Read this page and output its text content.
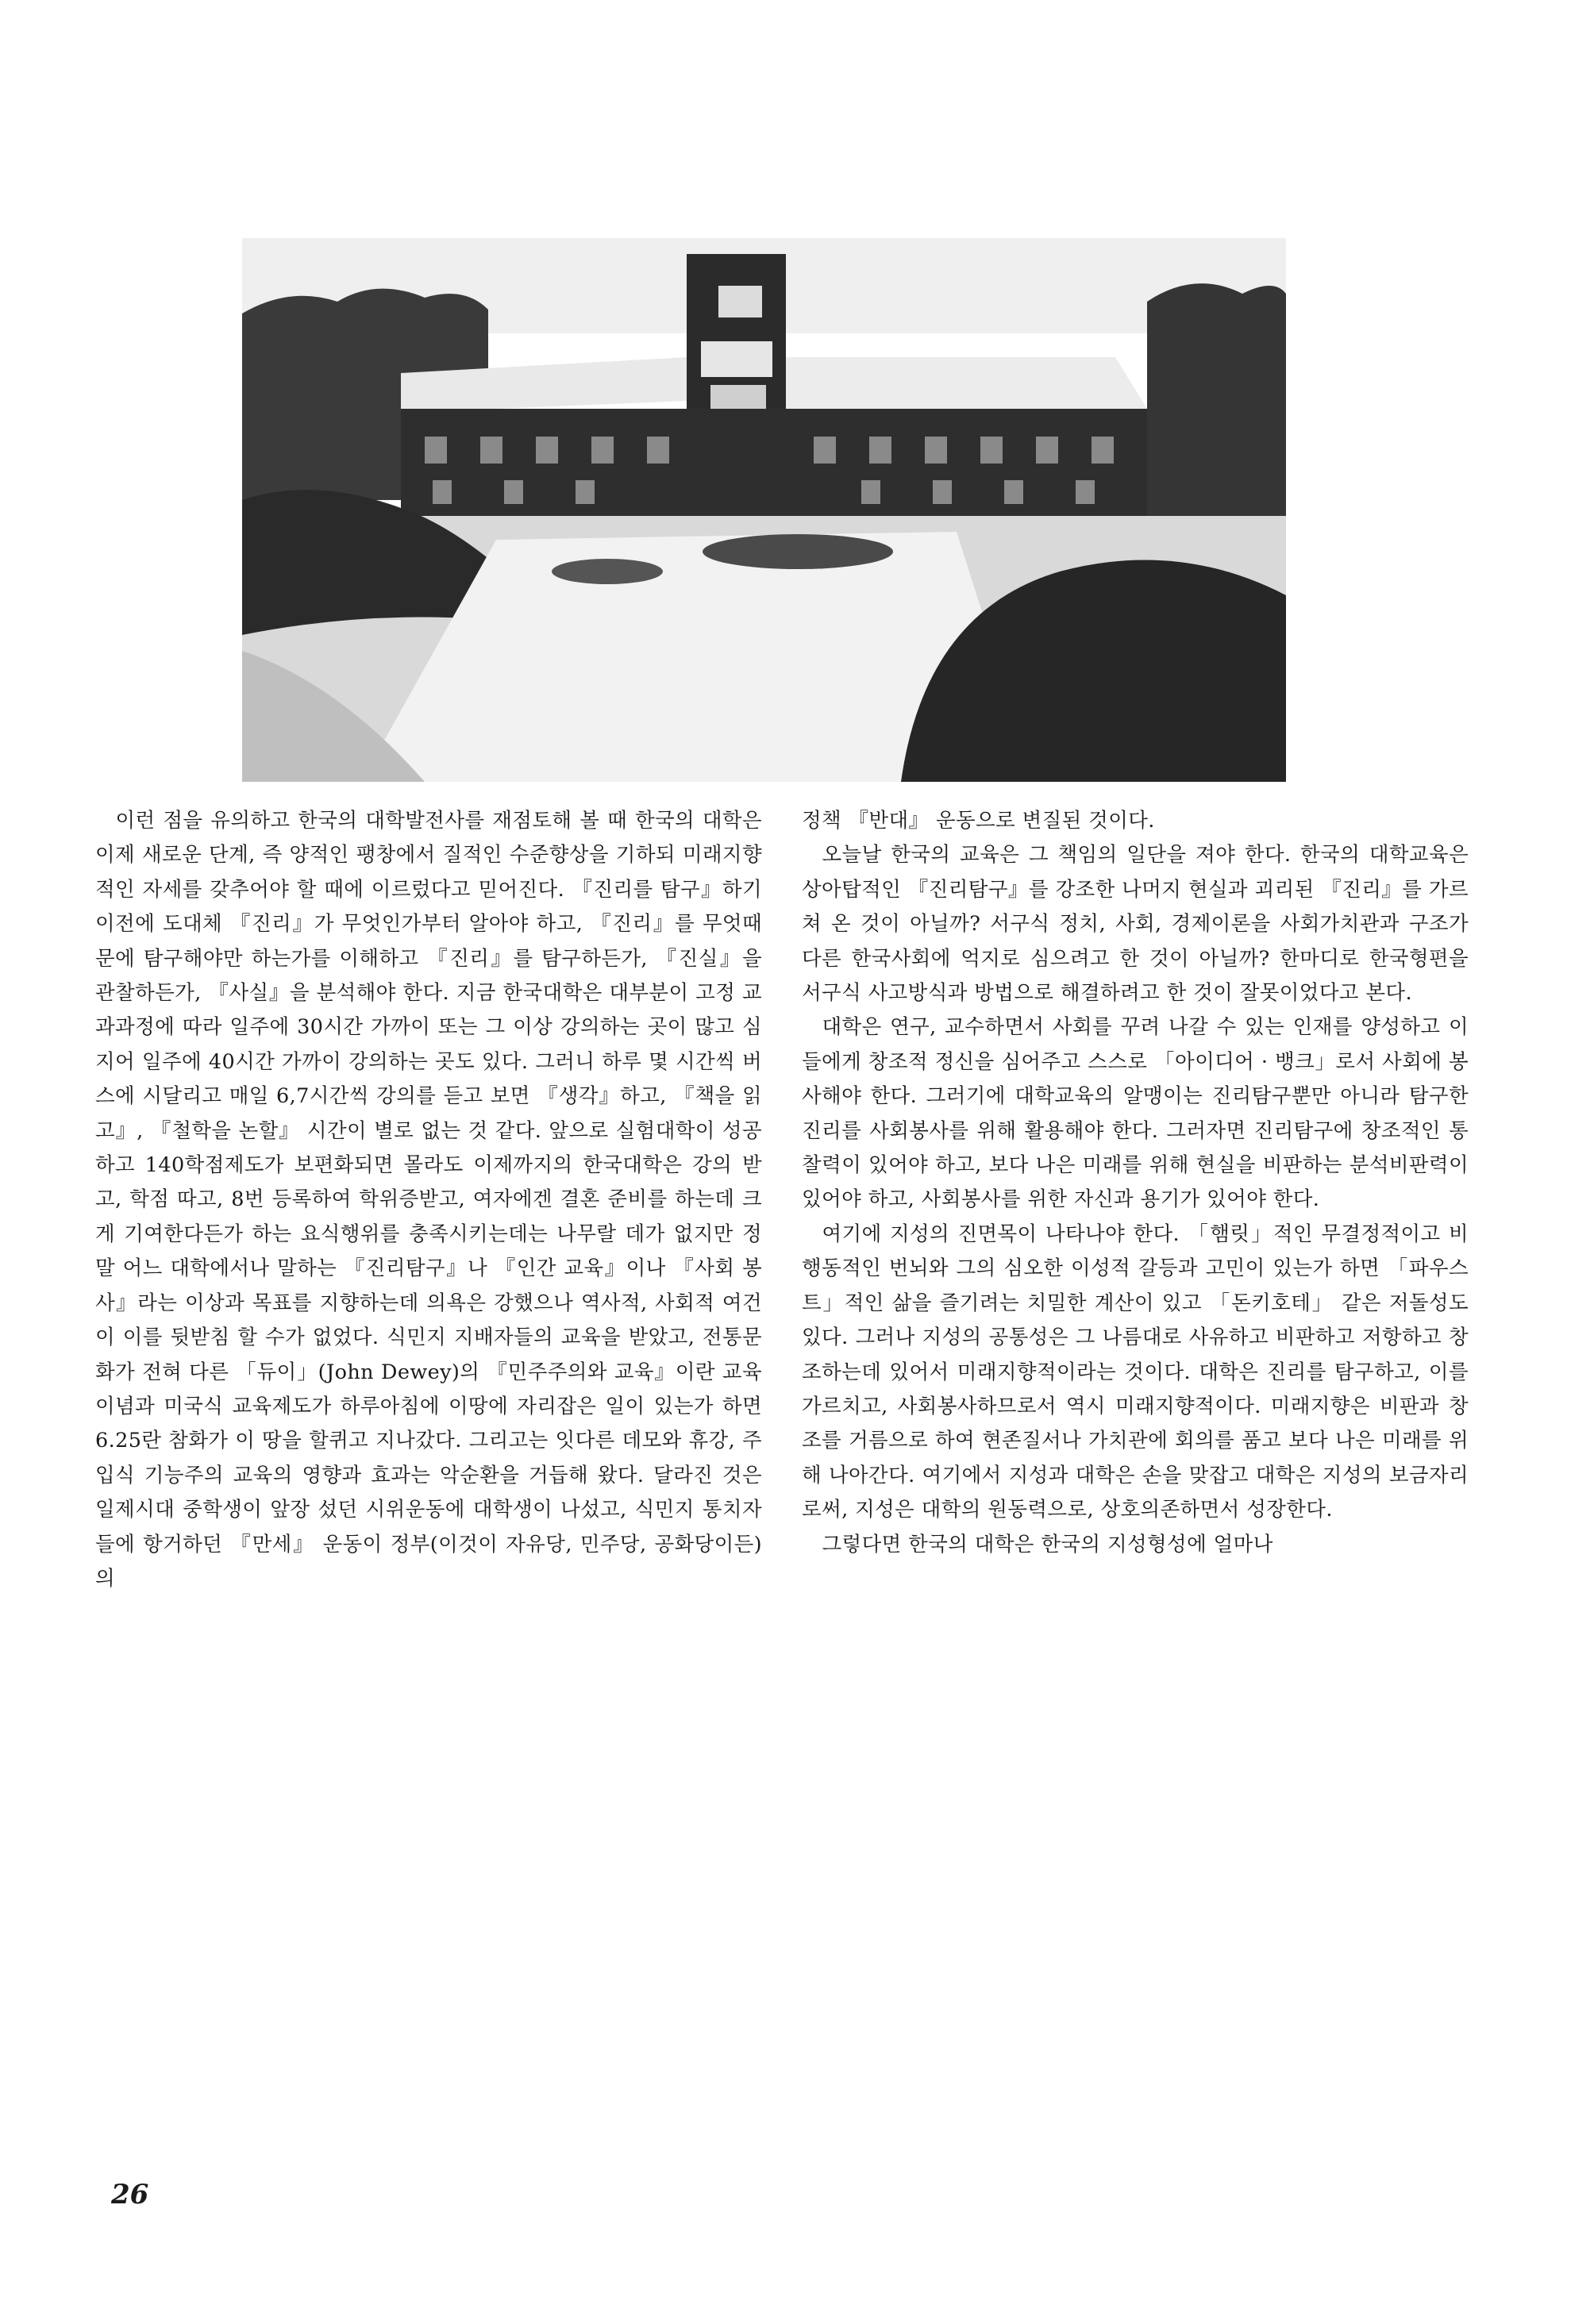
이런 점을 유의하고 한국의 대학발전사를 재점토해 볼 때 한국의 대학은 이제 새로운 단계, 즉 양적인 팽창에서 질적인 수준향상을 기하되 미래지향적인 자세를 갖추어야 할 때에 이르렀다고 믿어진다. 『진리를 탐구』하기 이전에 도대체 『진리』가 무엇인가부터 알아야 하고, 『진리』를 무엇때문에 탐구해야만 하는가를 이해하고 『진리』를 탐구하든가, 『진실』을 관찰하든가, 『사실』을 분석해야 한다. 지금 한국대학은 대부분이 고정 교과과정에 따라 일주에 30시간 가까이 또는 그 이상 강의하는 곳이 많고 심지어 일주에 40시간 가까이 강의하는 곳도 있다. 그러니 하루 몇 시간씩 버스에 시달리고 매일 6,7시간씩 강의를 듣고 보면 『생각』하고, 『책을 읽고』, 『철학을 논할』 시간이 별로 없는 것 같다. 앞으로 실험대학이 성공하고 140학점제도가 보편화되면 몰라도 이제까지의 한국대학은 강의 받고, 학점 따고, 8번 등록하여 학위증받고, 여자에겐 결혼 준비를 하는데 크게 기여한다든가 하는 요식행위를 충족시키는데는 나무랄 데가 없지만 정말 어느 대학에서나 말하는 『진리탐구』나 『인간 교육』이나 『사회 봉사』라는 이상과 목표를 지향하는데 의욕은 강했으나 역사적, 사회적 여건이 이를 뒷받침 할 수가 없었다. 식민지 지배자들의 교육을 받았고, 전통문화가 전혀 다른 「듀이」(John Dewey)의 『민주주의와 교육』이란 교육이념과 미국식 교육제도가 하루아침에 이땅에 자리잡은 일이 있는가 하면 6.25란 참화가 이 땅을 할퀴고 지나갔다. 그리고는 잇다른 데모와 휴강, 주입식 기능주의 교육의 영향과 효과는 악순환을 거듭해 왔다. 달라진 것은 일제시대 중학생이 앞장 섰던 시위운동에 대학생이 나섰고, 식민지 통치자들에 항거하던 『만세』 운동이 정부(이것이 자유당, 민주당, 공화당이든)의

정책 『반대』 운동으로 변질된 것이다.

오늘날 한국의 교육은 그 책임의 일단을 져야 한다. 한국의 대학교육은 상아탑적인 『진리탐구』를 강조한 나머지 현실과 괴리된 『진리』를 가르쳐 온 것이 아닐까? 서구식 정치, 사회, 경제이론을 사회가치관과 구조가 다른 한국사회에 억지로 심으려고 한 것이 아닐까? 한마디로 한국형편을 서구식 사고방식과 방법으로 해결하려고 한 것이 잘못이었다고 본다.

대학은 연구, 교수하면서 사회를 꾸려 나갈 수 있는 인재를 양성하고 이들에게 창조적 정신을 심어주고 스스로 「아이디어 · 뱅크」로서 사회에 봉사해야 한다. 그러기에 대학교육의 알맹이는 진리탐구뿐만 아니라 탐구한 진리를 사회봉사를 위해 활용해야 한다. 그러자면 진리탐구에 창조적인 통찰력이 있어야 하고, 보다 나은 미래를 위해 현실을 비판하는 분석비판력이 있어야 하고, 사회봉사를 위한 자신과 용기가 있어야 한다.

여기에 지성의 진면목이 나타나야 한다. 「햄릿」적인 무결정적이고 비행동적인 번뇌와 그의 심오한 이성적 갈등과 고민이 있는가 하면 「파우스트」적인 삶을 즐기려는 치밀한 계산이 있고 「돈키호테」 같은 저돌성도 있다. 그러나 지성의 공통성은 그 나름대로 사유하고 비판하고 저항하고 창조하는데 있어서 미래지향적이라는 것이다. 대학은 진리를 탐구하고, 이를 가르치고, 사회봉사하므로서 역시 미래지향적이다. 미래지향은 비판과 창조를 거름으로 하여 현존질서나 가치관에 회의를 품고 보다 나은 미래를 위해 나아간다. 여기에서 지성과 대학은 손을 맞잡고 대학은 지성의 보금자리로써, 지성은 대학의 원동력으로, 상호의존하면서 성장한다.

그렇다면 한국의 대학은 한국의 지성형성에 얼마나

26
